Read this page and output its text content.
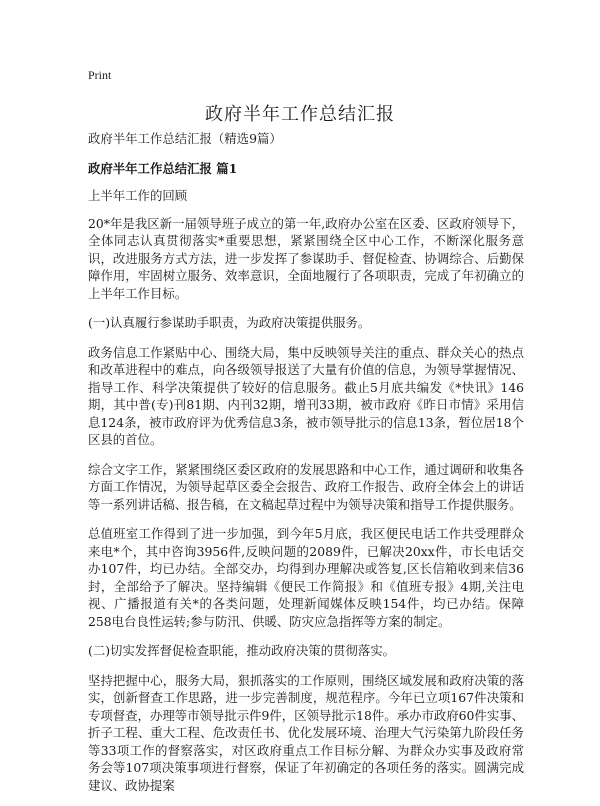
Print
政府半年工作总结汇报

政府半年工作总结汇报（精选9篇）

政府半年工作总结汇报 篇1

上半年工作的回顾

20*年是我区新一届领导班子成立的第一年,政府办公室在区委、区政府领导下，全体同志认真贯彻落实*重要思想，紧紧围绕全区中心工作，不断深化服务意识，改进服务方式方法，进一步发挥了参谋助手、督促检查、协调综合、后勤保障作用，牢固树立服务、效率意识，全面地履行了各项职责，完成了年初确立的上半年工作目标。

(一)认真履行参谋助手职责，为政府决策提供服务。

政务信息工作紧贴中心、围绕大局，集中反映领导关注的重点、群众关心的热点和改革进程中的难点，向各级领导报送了大量有价值的信息，为领导掌握情况、指导工作、科学决策提供了较好的信息服务。截止5月底共编发《*快讯》146期，其中普(专)刊81期、内刊32期，增刊33期，被市政府《昨日市情》采用信息124条，被市政府评为优秀信息3条，被市领导批示的信息13条，暂位居18个区县的首位。

综合文字工作，紧紧围绕区委区政府的发展思路和中心工作，通过调研和收集各方面工作情况，为领导起草区委全会报告、政府工作报告、政府全体会上的讲话等一系列讲话稿、报告稿，在文稿起草过程中为领导决策和指导工作提供服务。

总值班室工作得到了进一步加强，到今年5月底，我区便民电话工作共受理群众来电*个，其中咨询3956件,反映问题的2089件，已解决20xx件，市长电话交办107件，均已办结。全部交办，均得到办理解决或答复,区长信箱收到来信36封，全部给予了解决。坚持编辑《便民工作简报》和《值班专报》4期,关注电视、广播报道有关*的各类问题，处理新闻媒体反映154件，均已办结。保障258电台良性运转;参与防汛、供暖、防灾应急指挥等方案的制定。

(二)切实发挥督促检查职能，推动政府决策的贯彻落实。

坚持把握中心，服务大局，狠抓落实的工作原则，围绕区域发展和政府决策的落实，创新督查工作思路，进一步完善制度，规范程序。今年已立项167件决策和专项督查，办理等市领导批示件9件，区领导批示18件。承办市政府60件实事、折子工程、重大工程、危改责任书、优化发展环境、治理大气污染第九阶段任务等33项工作的督察落实，对区政府重点工作目标分解、为群众办实事及政府常务会等107项决策事项进行督察，保证了年初确定的各项任务的落实。圆满完成建议、政协提案
